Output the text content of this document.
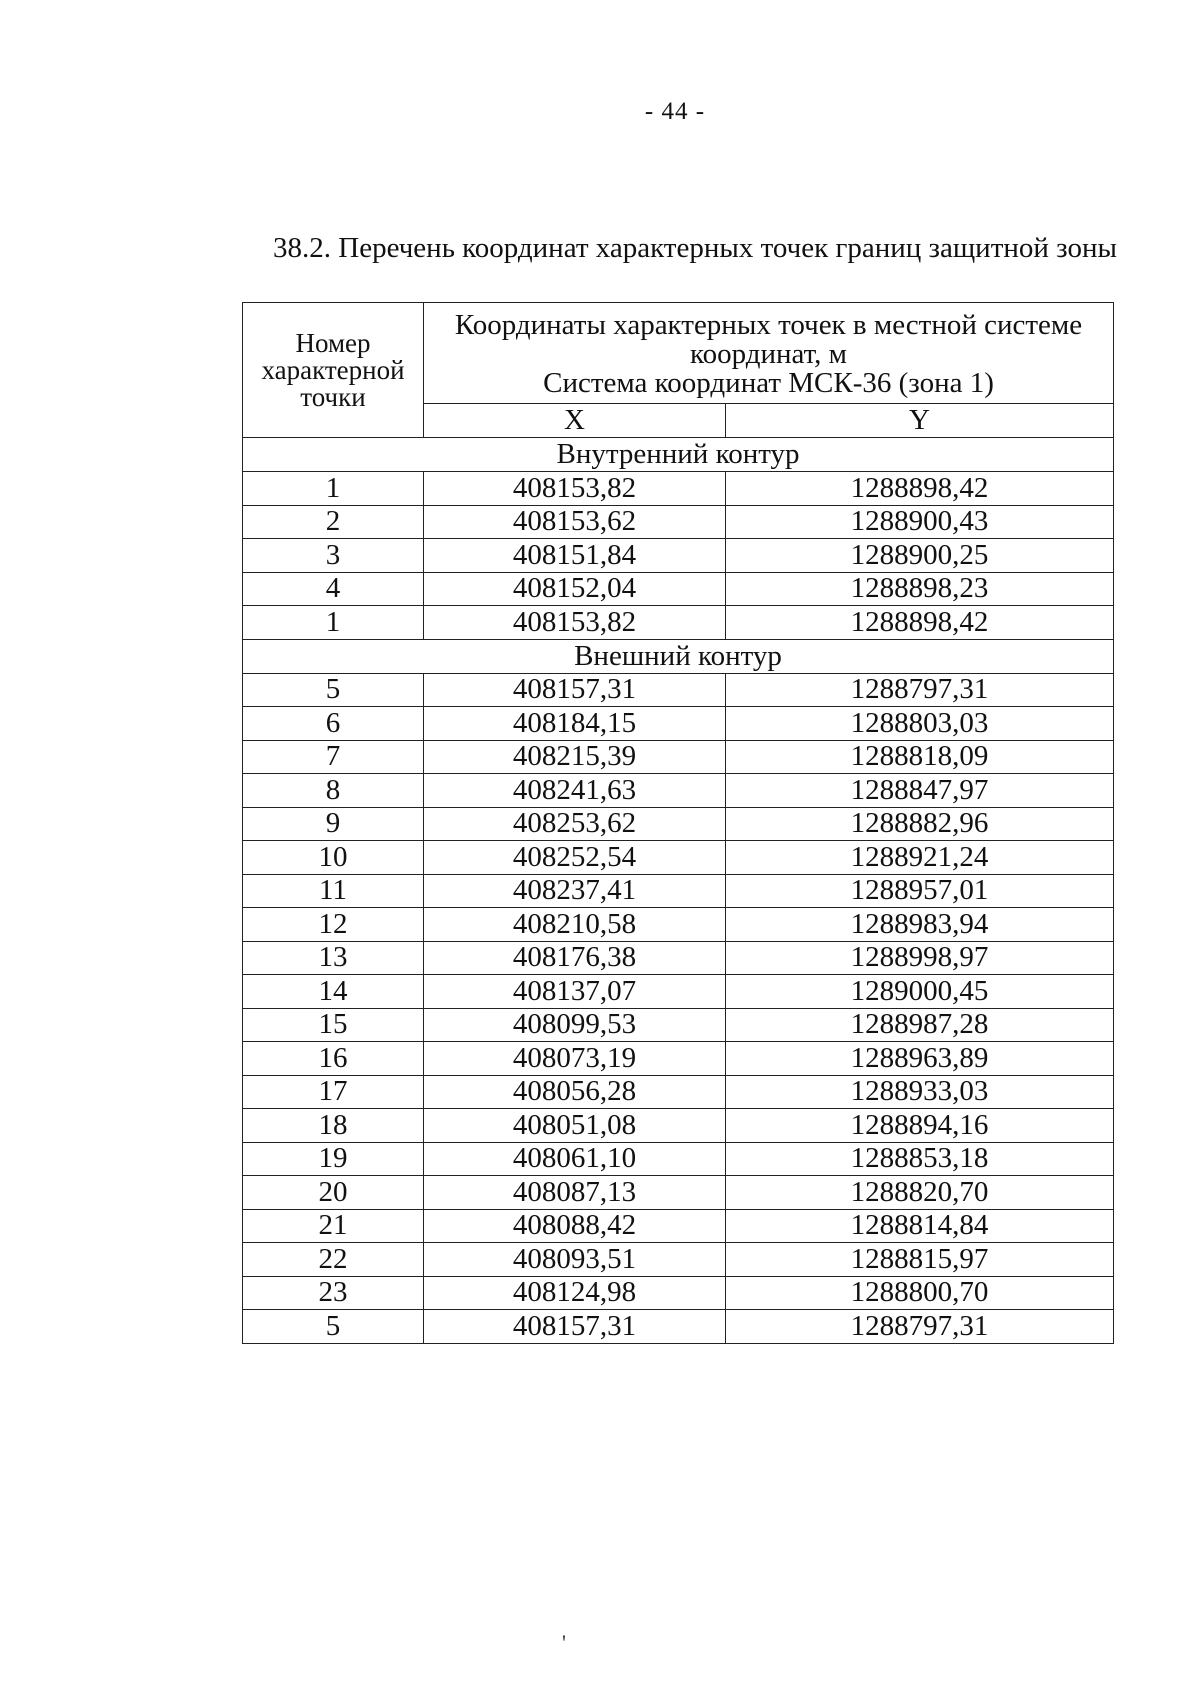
- 44 -
38.2. Перечень координат характерных точек границ защитной зоны
Номер характерной точки	Координаты характерных точек в местной системе
координат, м
Система координат МСК-36 (зона 1)	

	X	Y
Внутренний контур		
1	408153,82	1288898,42
2	408153,62	1288900,43
3	408151,84	1288900,25
4	408152,04	1288898,23
1	408153,82	1288898,42
Внешний контур		
5	408157,31	1288797,31
6	408184,15	1288803,03
7	408215,39	1288818,09
8	408241,63	1288847,97
9	408253,62	1288882,96
10	408252,54	1288921,24
11	408237,41	1288957,01
12	408210,58	1288983,94
13	408176,38	1288998,97
14	408137,07	1289000,45
15	408099,53	1288987,28
16	408073,19	1288963,89
17	408056,28	1288933,03
18	408051,08	1288894,16
19	408061,10	1288853,18
20	408087,13	1288820,70
21	408088,42	1288814,84
22	408093,51	1288815,97
23	408124,98	1288800,70
5	408157,31	1288797,31
'
